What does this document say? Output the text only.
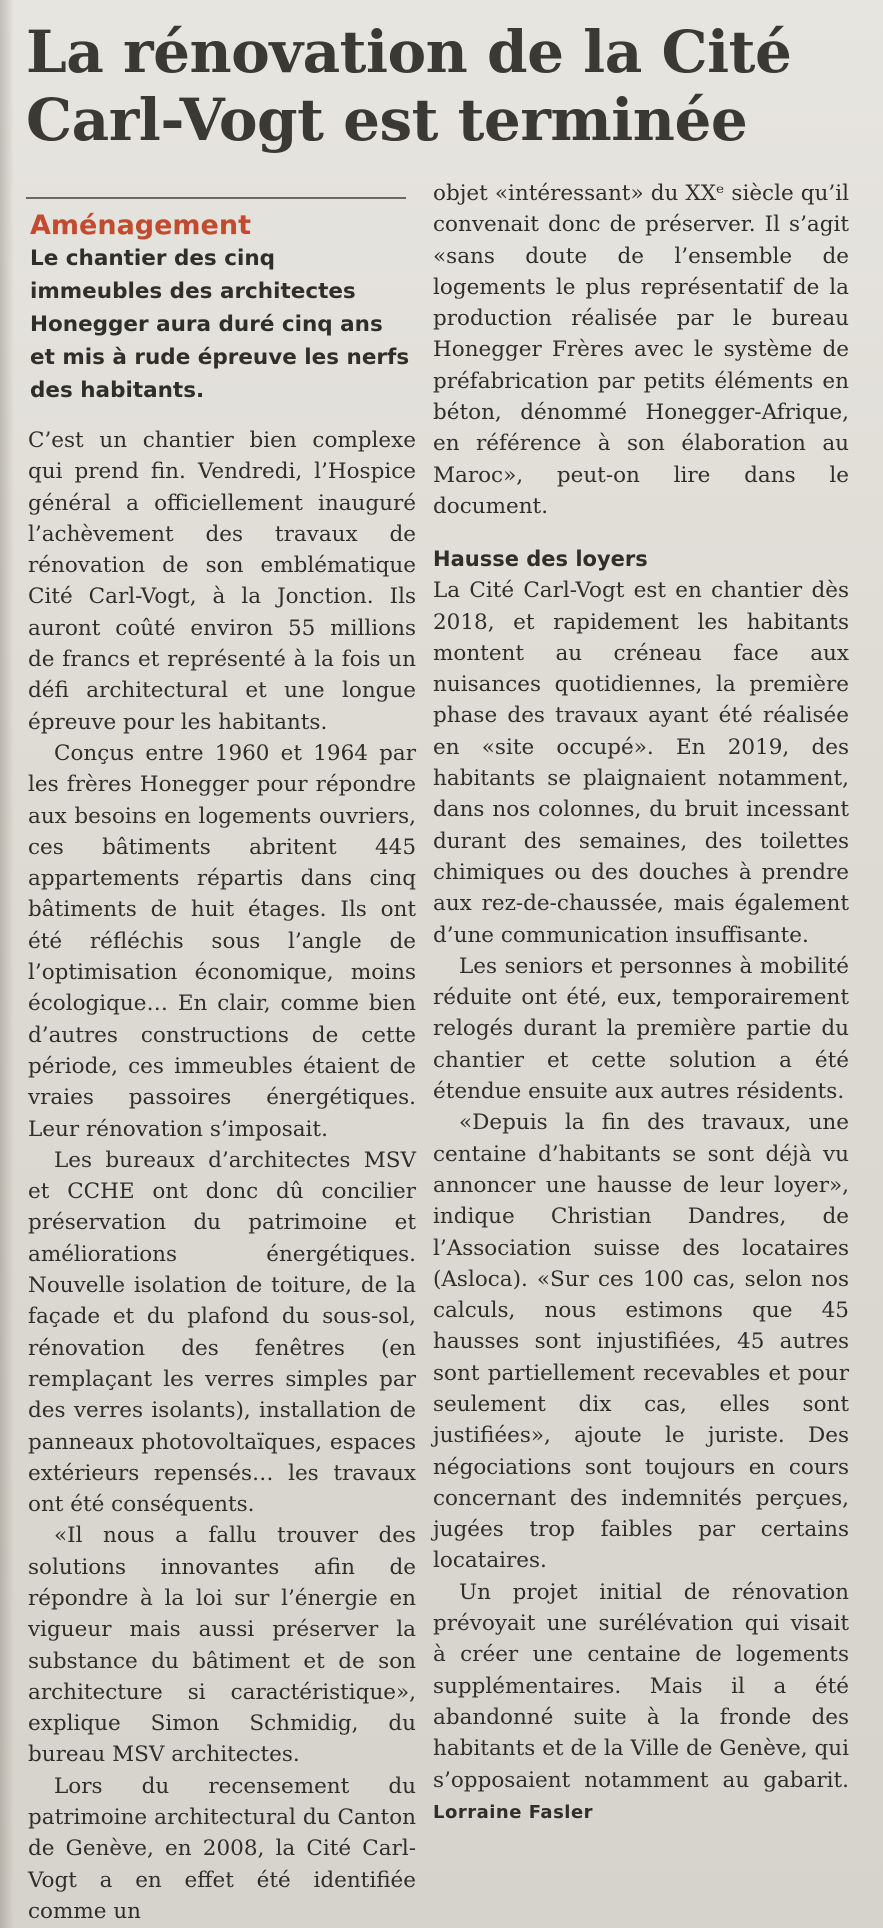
La rénovation de la Cité Carl-Vogt est terminée
Aménagement

Le chantier des cinq immeubles des architectes Honegger aura duré cinq ans et mis à rude épreuve les nerfs des habitants.

C’est un chantier bien complexe qui prend fin. Vendredi, l’Hospice général a officiellement inauguré l’achèvement des travaux de rénovation de son emblématique Cité Carl-Vogt, à la Jonction. Ils auront coûté environ 55 millions de francs et représenté à la fois un défi architectural et une longue épreuve pour les habitants.

Conçus entre 1960 et 1964 par les frères Honegger pour répondre aux besoins en logements ouvriers, ces bâtiments abritent 445 appartements répartis dans cinq bâtiments de huit étages. Ils ont été réfléchis sous l’angle de l’optimisation économique, moins écologique… En clair, comme bien d’autres constructions de cette période, ces immeubles étaient de vraies passoires énergétiques. Leur rénovation s’imposait.

Les bureaux d’architectes MSV et CCHE ont donc dû concilier préservation du patrimoine et améliorations énergétiques. Nouvelle isolation de toiture, de la façade et du plafond du sous-sol, rénovation des fenêtres (en remplaçant les verres simples par des verres isolants), installation de panneaux photovoltaïques, espaces extérieurs repensés… les travaux ont été conséquents.

«Il nous a fallu trouver des solutions innovantes afin de répondre à la loi sur l’énergie en vigueur mais aussi préserver la substance du bâtiment et de son architecture si caractéristique», explique Simon Schmidig, du bureau MSV architectes.

Lors du recensement du patrimoine architectural du Canton de Genève, en 2008, la Cité Carl-Vogt a en effet été identifiée comme un

objet «intéressant» du XXᵉ siècle qu’il convenait donc de préserver. Il s’agit «sans doute de l’ensemble de logements le plus représentatif de la production réalisée par le bureau Honegger Frères avec le système de préfabrication par petits éléments en béton, dénommé Honegger-Afrique, en référence à son élaboration au Maroc», peut-on lire dans le document.

Hausse des loyers

La Cité Carl-Vogt est en chantier dès 2018, et rapidement les habitants montent au créneau face aux nuisances quotidiennes, la première phase des travaux ayant été réalisée en «site occupé». En 2019, des habitants se plaignaient notamment, dans nos colonnes, du bruit incessant durant des semaines, des toilettes chimiques ou des douches à prendre aux rez-de-chaussée, mais également d’une communication insuffisante.

Les seniors et personnes à mobilité réduite ont été, eux, temporairement relogés durant la première partie du chantier et cette solution a été étendue ensuite aux autres résidents.

«Depuis la fin des travaux, une centaine d’habitants se sont déjà vu annoncer une hausse de leur loyer», indique Christian Dandres, de l’Association suisse des locataires (Asloca). «Sur ces 100 cas, selon nos calculs, nous estimons que 45 hausses sont injustifiées, 45 autres sont partiellement recevables et pour seulement dix cas, elles sont justifiées», ajoute le juriste. Des négociations sont toujours en cours concernant des indemnités perçues, jugées trop faibles par certains locataires.

Un projet initial de rénovation prévoyait une surélévation qui visait à créer une centaine de logements supplémentaires. Mais il a été abandonné suite à la fronde des habitants et de la Ville de Genève, qui s’opposaient notamment au gabarit. Lorraine Fasler
